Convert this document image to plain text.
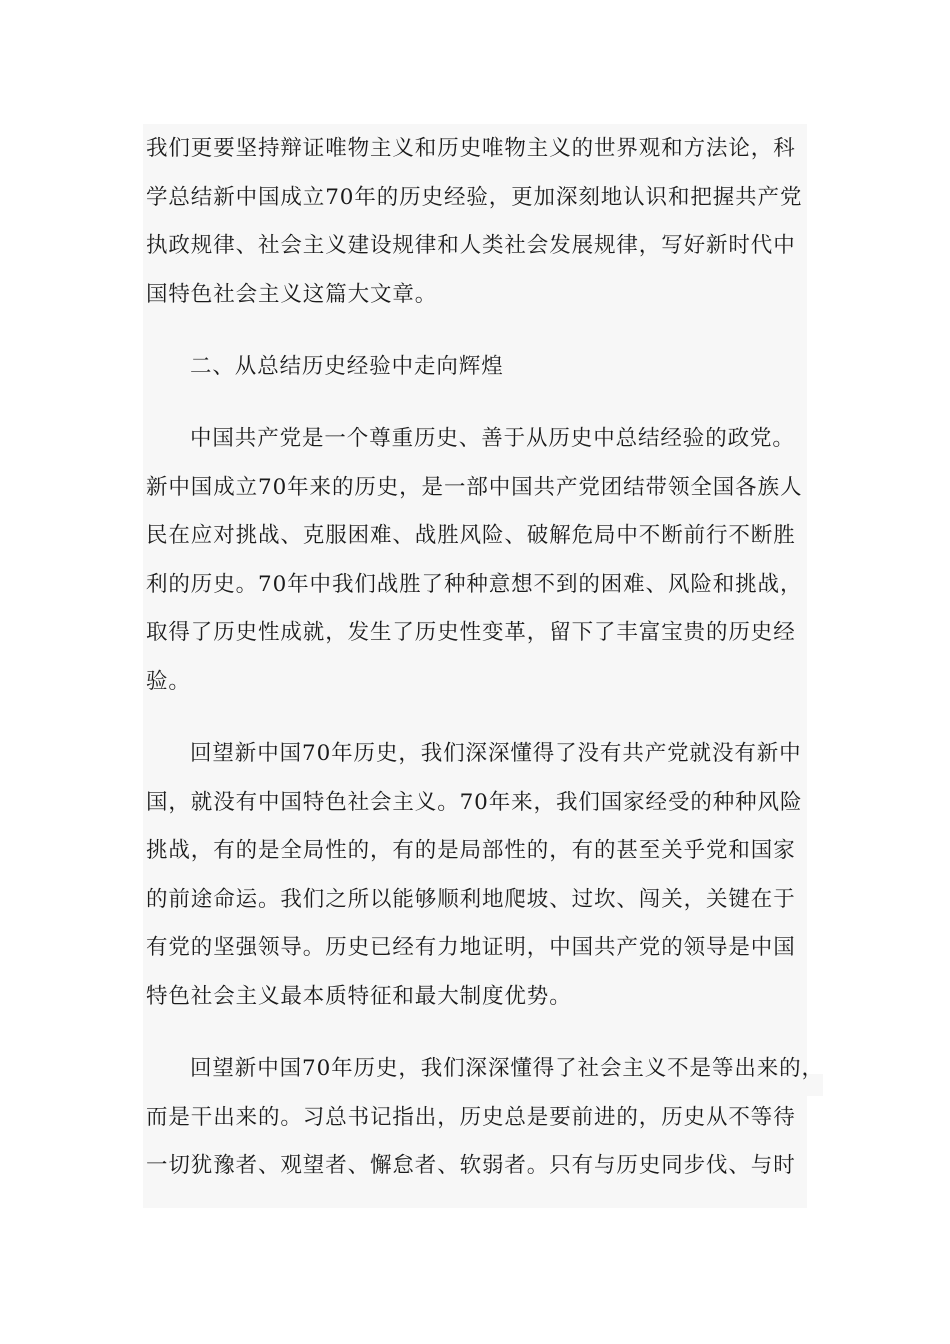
我们更要坚持辩证唯物主义和历史唯物主义的世界观和方法论，科
学总结新中国成立70年的历史经验，更加深刻地认识和把握共产党
执政规律、社会主义建设规律和人类社会发展规律，写好新时代中
国特色社会主义这篇大文章。
二、从总结历史经验中走向辉煌
中国共产党是一个尊重历史、善于从历史中总结经验的政党。
新中国成立70年来的历史，是一部中国共产党团结带领全国各族人
民在应对挑战、克服困难、战胜风险、破解危局中不断前行不断胜
利的历史。70年中我们战胜了种种意想不到的困难、风险和挑战，
取得了历史性成就，发生了历史性变革，留下了丰富宝贵的历史经
验。
回望新中国70年历史，我们深深懂得了没有共产党就没有新中
国，就没有中国特色社会主义。70年来，我们国家经受的种种风险
挑战，有的是全局性的，有的是局部性的，有的甚至关乎党和国家
的前途命运。我们之所以能够顺利地爬坡、过坎、闯关，关键在于
有党的坚强领导。历史已经有力地证明，中国共产党的领导是中国
特色社会主义最本质特征和最大制度优势。
回望新中国70年历史，我们深深懂得了社会主义不是等出来的，
而是干出来的。习总书记指出，历史总是要前进的，历史从不等待
一切犹豫者、观望者、懈怠者、软弱者。只有与历史同步伐、与时
